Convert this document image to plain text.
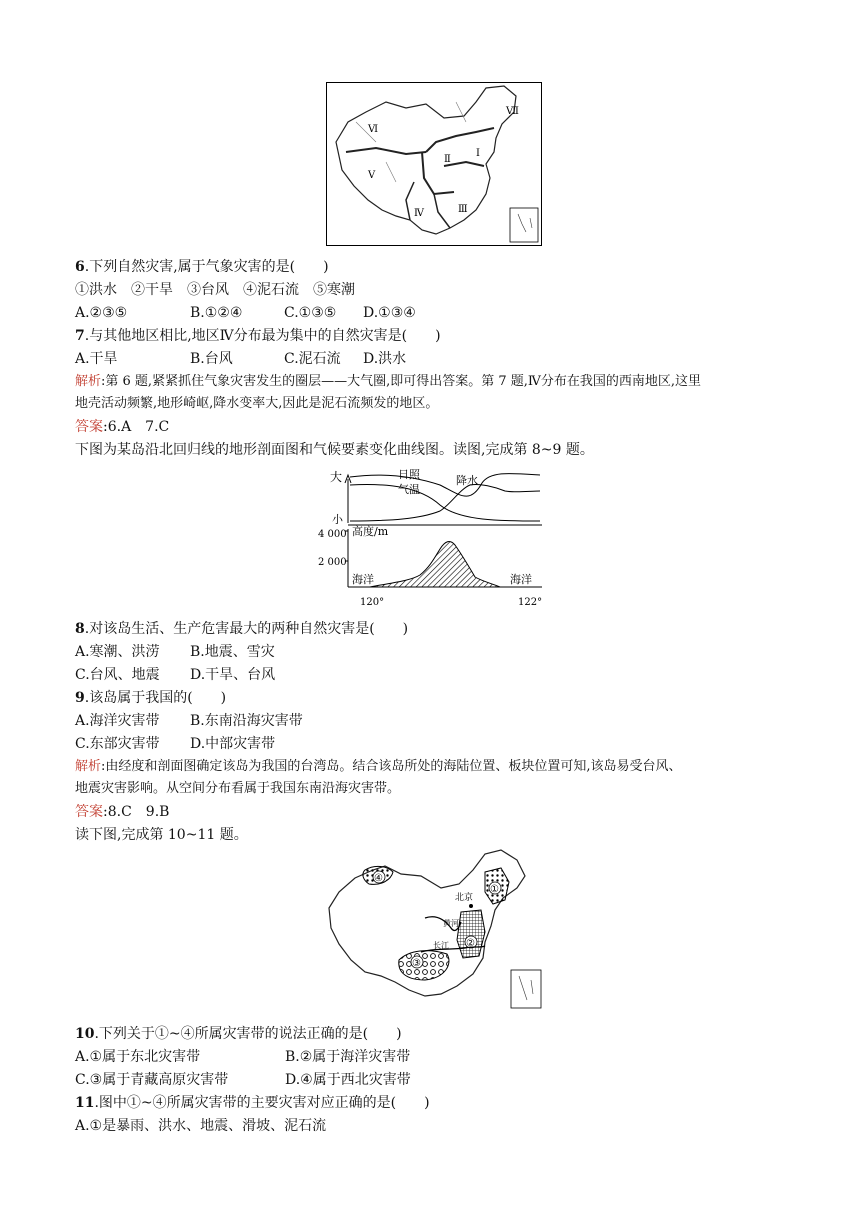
Ⅵ
Ⅶ
Ⅱ
Ⅰ
Ⅴ
Ⅳ	Ⅲ
6.下列自然灾害,属于气象灾害的是(　　)
①洪水　②干旱　③台风　④泥石流　⑤寒潮
A.②③⑤	B.①②④	C.①③⑤ D.①③④
7.与其他地区相比,地区Ⅳ分布最为集中的自然灾害是(　　)
A.干旱	B.台风	C.泥石流 D.洪水
解析:第 6 题,紧紧抓住气象灾害发生的圈层——大气圈,即可得出答案。第 7 题,Ⅳ分布在我国的西南地区,这里
地壳活动频繁,地形崎岖,降水变率大,因此是泥石流频发的地区。
答案:6.A　7.C
下图为某岛沿北回归线的地形剖面图和气候要素变化曲线图。读图,完成第 8~9 题。
大
小
日照
气温
降水
4 000 高度/m
2 000
海洋	海洋
120°	122°
8.对该岛生活、生产危害最大的两种自然灾害是(　　)
A.寒潮、洪涝 B.地震、雪灾
C.台风、地震 D.干旱、台风
9.该岛属于我国的(　　)
A.海洋灾害带 B.东南沿海灾害带
C.东部灾害带 D.中部灾害带
解析:由经度和剖面图确定该岛为我国的台湾岛。结合该岛所处的海陆位置、板块位置可知,该岛易受台风、
地震灾害影响。从空间分布看属于我国东南沿海灾害带。
答案:8.C　9.B
读下图,完成第 10~11 题。
④
①
②
③
北京
黄河
长江
10.下列关于①~④所属灾害带的说法正确的是(　　)
A.①属于东北灾害带	B.②属于海洋灾害带
C.③属于青藏高原灾害带	D.④属于西北灾害带
11.图中①~④所属灾害带的主要灾害对应正确的是(　　)
A.①是暴雨、洪水、地震、滑坡、泥石流
